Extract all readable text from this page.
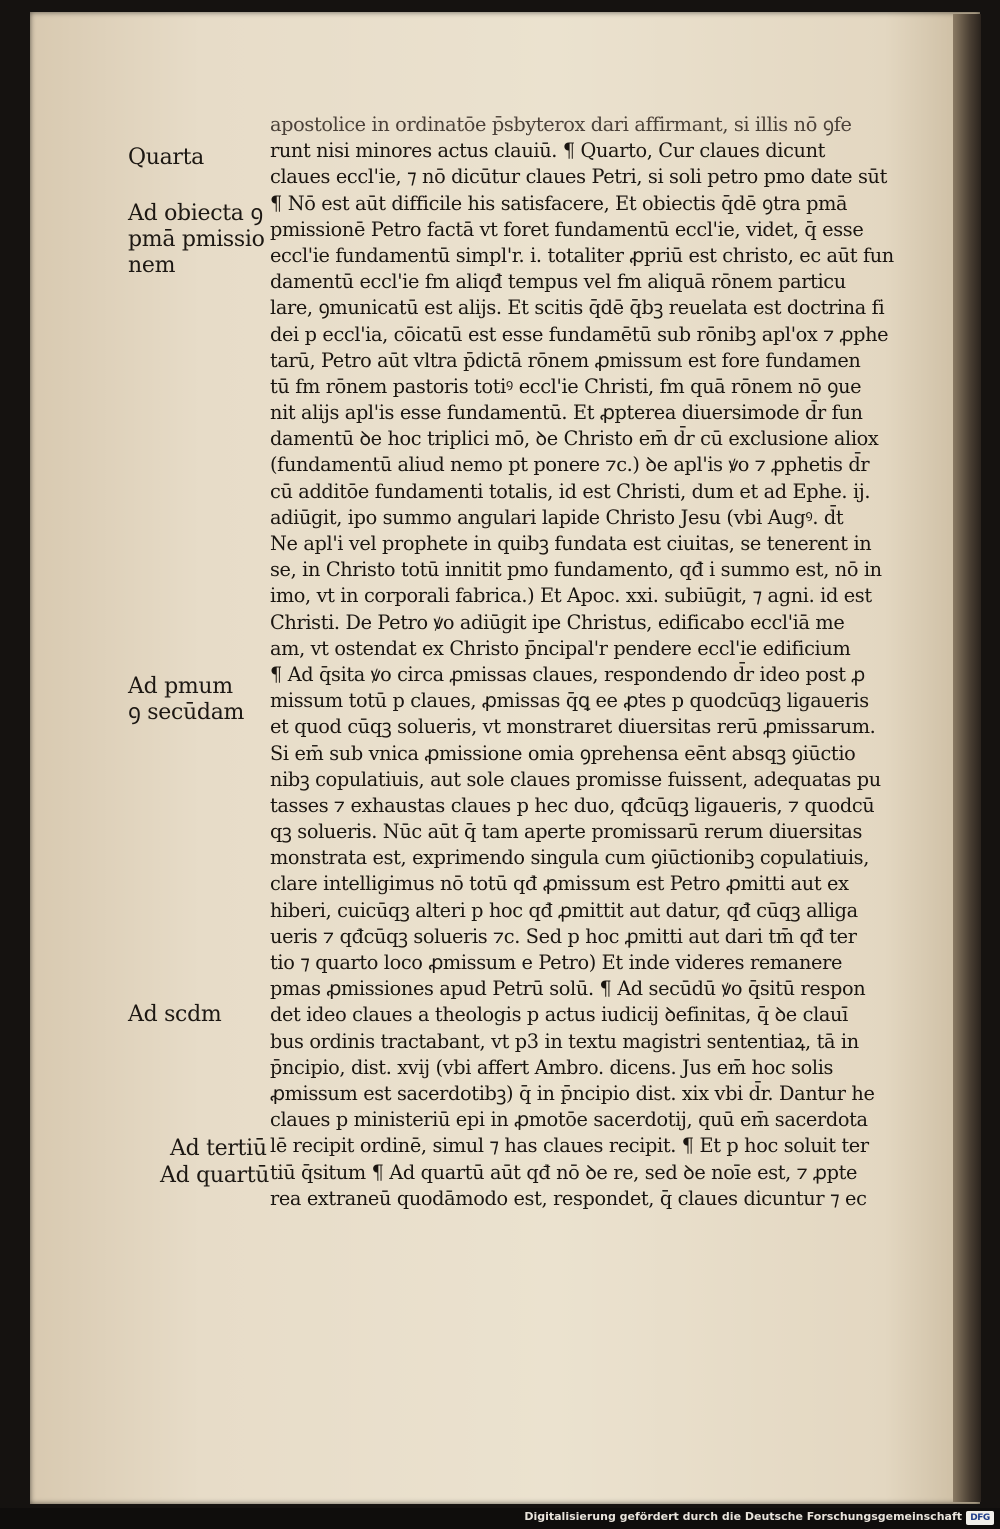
Quarta
Ad obiecta ꝯ
pmā pmissio
nem
Ad pmum
ꝯ secūdam
Ad scdm
Ad tertiū
Ad quartū
apostolice in ordinatōe p̄sbyterox dari affirmant, si illis nō ꝯfe
runt nisi minores actus clauiū. ¶ Quarto, Cur claues dicunt
claues eccl'ie, ⁊ nō dicūtur claues Petri, si soli petro pmo date sūt
¶ Nō est aūt difficile his satisfacere, Et obiectis q̄dē ꝯtra pmā
pmissionē Petro factā vt foret fundamentū eccl'ie, videt, q̄ esse
eccl'ie fundamentū simpl'r. i. totaliter ꝓpriū est christo, ec aūt fun
damentū eccl'ie fm aliqđ tempus vel fm aliquā rōnem particu
lare, ꝯmunicatū est alijs. Et scitis q̄dē q̄bꝫ reuelata est doctrina fi
dei p eccl'ia, cōicatū est esse fundamētū sub rōnibꝫ apl'ox ⁊ ꝓphe
tarū, Petro aūt vltra p̄dictā rōnem ꝓmissum est fore fundamen
tū fm rōnem pastoris totiꝰ eccl'ie Christi, fm quā rōnem nō ꝯue
nit alijs apl'is esse fundamentū. Et ꝓpterea diuersimode d̄r fun
damentū ꝺe hoc triplici mō, ꝺe Christo em̄ d̄r cū exclusione aliox
(fundamentū aliud nemo pt ponere ⁊c.) ꝺe apl'is ꝟo ⁊ ꝓphetis d̄r
cū additōe fundamenti totalis, id est Christi, dum et ad Ephe. ij.
adiūgit, ipo summo angulari lapide Christo Jesu (vbi Augꝰ. d̄t
Ne apl'i vel prophete in quibꝫ fundata est ciuitas, se tenerent in
se, in Christo totū innitit pmo fundamento, qđ i summo est, nō in
imo, vt in corporali fabrica.) Et Apoc. xxi. subiūgit, ⁊ agni. id est
Christi. De Petro ꝟo adiūgit ipe Christus, edificabo eccl'iā me
am, vt ostendat ex Christo p̄ncipal'r pendere eccl'ie edificium
¶ Ad q̄sita ꝟo circa ꝓmissas claues, respondendo d̄r ideo post ꝓ
missum totū p claues, ꝓmissas q̄ꝗ ee ꝓtes p quodcūqꝫ ligaueris
et quod cūqꝫ solueris, vt monstraret diuersitas rerū ꝓmissarum.
Si em̄ sub vnica ꝓmissione omia ꝯprehensa eēnt absqꝫ ꝯiūctio
nibꝫ copulatiuis, aut sole claues promisse fuissent, adequatas pu
tasses ⁊ exhaustas claues p hec duo, qđcūqꝫ ligaueris, ⁊ quodcū
qꝫ solueris. Nūc aūt q̄ tam aperte promissarū rerum diuersitas
monstrata est, exprimendo singula cum ꝯiūctionibꝫ copulatiuis,
clare intelligimus nō totū qđ ꝓmissum est Petro ꝓmitti aut ex
hiberi, cuicūqꝫ alteri p hoc qđ ꝓmittit aut datur, qđ cūqꝫ alliga
ueris ⁊ qđcūqꝫ solueris ⁊c. Sed p hoc ꝓmitti aut dari tm̄ qđ ter
tio ⁊ quarto loco ꝓmissum e Petro) Et inde videres remanere
pmas ꝓmissiones apud Petrū solū. ¶ Ad secūdū ꝟo q̄sitū respon
det ideo claues a theologis p actus iudicij ꝺefinitas, q̄ ꝺe clauī
bus ordinis tractabant, vt p3 in textu magistri sententiaꝝ, tā in
p̄ncipio, dist. xvij (vbi affert Ambro. dicens. Jus em̄ hoc solis
ꝓmissum est sacerdotibꝫ) q̄ in p̄ncipio dist. xix vbi d̄r. Dantur he
claues p ministeriū epi in ꝓmotōe sacerdotij, quū em̄ sacerdota
lē recipit ordinē, simul ⁊ has claues recipit. ¶ Et p hoc soluit ter
tiū q̄situm ¶ Ad quartū aūt qđ nō ꝺe re, sed ꝺe noīe est, ⁊ ꝓpte
rea extraneū quodāmodo est, respondet, q̄ claues dicuntur ⁊ ec
Digitalisierung gefördert durch die Deutsche Forschungsgemeinschaft DFG
